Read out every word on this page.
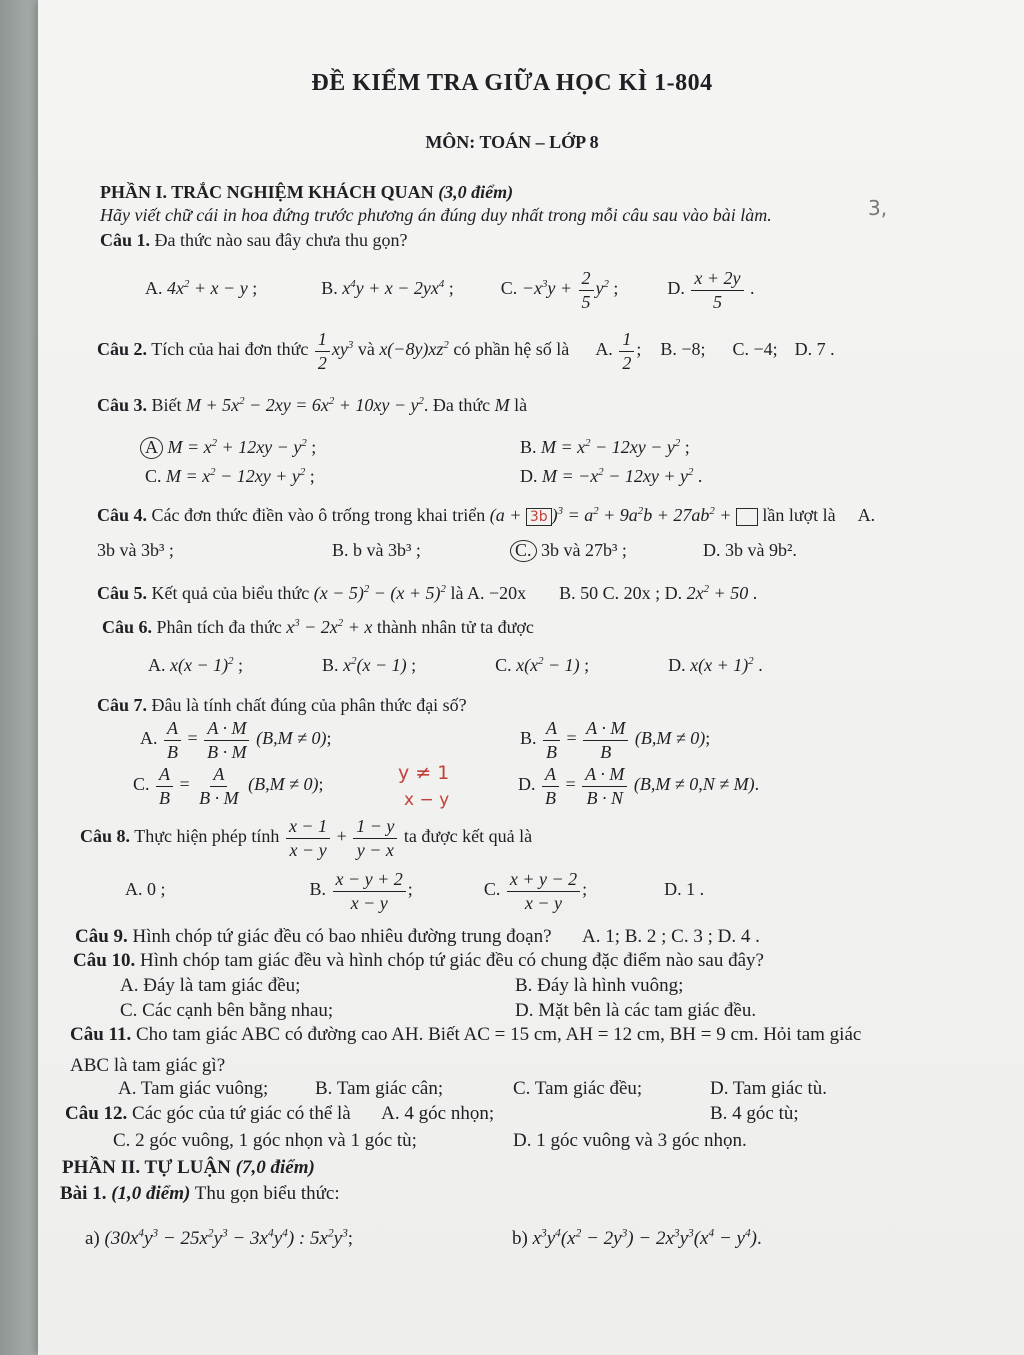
ĐỀ KIỂM TRA GIỮA HỌC KÌ 1-804
MÔN: TOÁN – LỚP 8
PHẦN I. TRẮC NGHIỆM KHÁCH QUAN (3,0 điểm)
Hãy viết chữ cái in hoa đứng trước phương án đúng duy nhất trong mỗi câu sau vào bài làm.	3,
Câu 1. Đa thức nào sau đây chưa thu gọn?
A. $4x^2 + x - y$ ;	B. $x^4y + x - 2yx^4$ ;  C. $-x^3y + \frac{2}{5} y^2$ ;  D. $\frac{x + 2y}{5}$ .
Câu 2. Tích của hai đơn thức $\frac{1}{2} xy^3$ và $x(-8y)xz^2$ có phần hệ số là A. $\frac{1}{2}$ ;  B. −8; C. −4; D. 7 .
Câu 3. Biết $M + 5x^2 - 2xy = 6x^2 + 10xy - y^2$. Đa thức M là
A $M = x^2 + 12xy - y^2$ ;	B. $M = x^2 - 12xy - y^2$ ;
C. $M = x^2 - 12xy + y^2$ ;	D. $M = -x^2 - 12xy + y^2$ .
Câu 4. Các đơn thức điền vào ô trống trong khai triển (a + 3b )$^3 = a^2 + 9a^2b + 27ab^2$ +  lần lượt là A.
3b và 3b³ ;	B. b và 3b³ ;	C. 3b và 27b³ ;	D. 3b và 9b².
Câu 5. Kết quả của biểu thức $(x - 5)^2 - (x + 5)^2$ là A. −20x B. 50 C. 20x ; D. $2x^2 + 50$ .
Câu 6. Phân tích đa thức $x^3 - 2x^2 + x$ thành nhân tử ta được
A. $x(x - 1)^2$ ;	B. $x^2(x - 1)$ ;	C. $x(x^2 - 1)$ ;	D. $x(x + 1)^2$ .
Câu 7. Đâu là tính chất đúng của phân thức đại số?
A. $\frac{A}{B} = \frac{A \cdot M}{B \cdot M} (B,M \ne 0)$;	B. $\frac{A}{B} = \frac{A \cdot M}{B} (B,M \ne 0)$;
C. $\frac{A}{B} = \frac{A}{B \cdot M} (B,M \ne 0)$;
y ≠ 1
x − y
D. $\frac{A}{B} = \frac{A \cdot M}{B \cdot N} (B,M \ne 0,N \ne M)$.
Câu 8. Thực hiện phép tính $\frac{x - 1}{x - y} + \frac{1 - y}{y - x}$ ta được kết quả là
A. 0 ;	B. $\frac{x - y + 2}{x - y}$ ;	C. $\frac{x + y - 2}{x - y}$ ;	D. 1 .
Câu 9. Hình chóp tứ giác đều có bao nhiêu đường trung đoạn? A. 1; B. 2 ; C. 3 ; D. 4 .
Câu 10. Hình chóp tam giác đều và hình chóp tứ giác đều có chung đặc điểm nào sau đây?
A. Đáy là tam giác đều;	B. Đáy là hình vuông;
C. Các cạnh bên bằng nhau;	D. Mặt bên là các tam giác đều.
Câu 11. Cho tam giác ABC có đường cao AH. Biết AC = 15 cm, AH = 12 cm, BH = 9 cm. Hỏi tam giác
ABC là tam giác gì?
A. Tam giác vuông; B. Tam giác cân;	C. Tam giác đều;	D. Tam giác tù.
Câu 12. Các góc của tứ giác có thể là A. 4 góc nhọn;	B. 4 góc tù;
C. 2 góc vuông, 1 góc nhọn và 1 góc tù;	D. 1 góc vuông và 3 góc nhọn.
PHẦN II. TỰ LUẬN (7,0 điểm)
Bài 1. (1,0 điểm) Thu gọn biểu thức:
a) $(30x^4y^3 - 25x^2y^3 - 3x^4y^4)$ : $5x^2y^3$;	b) $x^3y^4(x^2 - 2y^3) - 2x^3y^3(x^4 - y^4)$.
